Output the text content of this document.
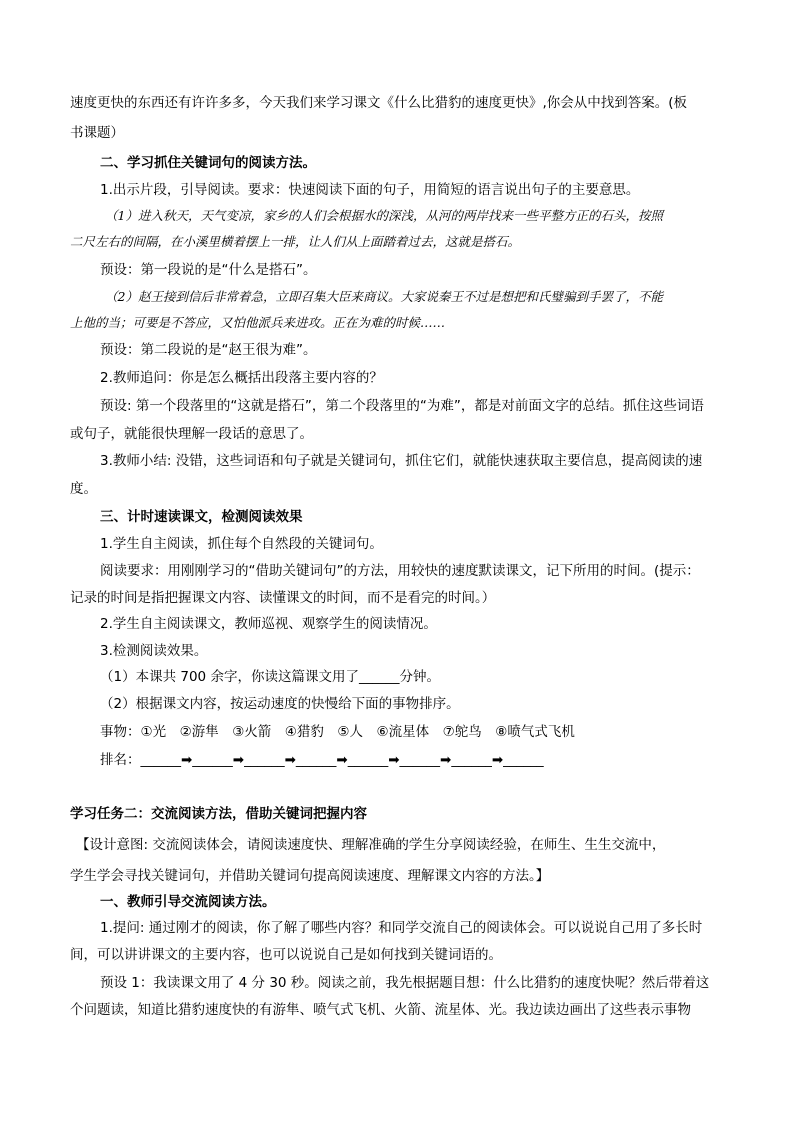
速度更快的东西还有许许多多，今天我们来学习课文《什么比猎豹的速度更快》,你会从中找到答案。(板
书课题）
二、学习抓住关键词句的阅读方法。
1.出示片段，引导阅读。要求：快速阅读下面的句子，用简短的语言说出句子的主要意思。
（1）进入秋天，天气变凉，家乡的人们会根据水的深浅，从河的两岸找来一些平整方正的石头，按照
二尺左右的间隔，在小溪里横着摆上一排，让人们从上面踏着过去，这就是搭石。
预设：第一段说的是“什么是搭石”。
（2）赵王接到信后非常着急，立即召集大臣来商议。大家说秦王不过是想把和氏璧骗到手罢了，不能
上他的当；可要是不答应，又怕他派兵来进攻。正在为难的时候……
预设：第二段说的是“赵王很为难”。
2.教师追问：你是怎么概括出段落主要内容的？
预设: 第一个段落里的“这就是搭石”，第二个段落里的“为难”，都是对前面文字的总结。抓住这些词语
或句子，就能很快理解一段话的意思了。
3.教师小结: 没错，这些词语和句子就是关键词句，抓住它们，就能快速获取主要信息，提高阅读的速
度。
三、计时速读课文，检测阅读效果
1.学生自主阅读，抓住每个自然段的关键词句。
阅读要求：用刚刚学习的“借助关键词句”的方法，用较快的速度默读课文，记下所用的时间。(提示：
记录的时间是指把握课文内容、读懂课文的时间，而不是看完的时间。）
2.学生自主阅读课文，教师巡视、观察学生的阅读情况。
3.检测阅读效果。
（1）本课共 700 余字，你读这篇课文用了______分钟。
（2）根据课文内容，按运动速度的快慢给下面的事物排序。
事物：①光　②游隼　③火箭　④猎豹　⑤人　⑥流星体　⑦鸵鸟　⑧喷气式飞机
排名：______➡______➡______➡______➡______➡______➡______➡______
学习任务二：交流阅读方法，借助关键词把握内容
【设计意图: 交流阅读体会，请阅读速度快、理解准确的学生分享阅读经验，在师生、生生交流中，
学生学会寻找关键词句，并借助关键词句提高阅读速度、理解课文内容的方法。】
一、教师引导交流阅读方法。
1.提问: 通过刚才的阅读，你了解了哪些内容？和同学交流自己的阅读体会。可以说说自己用了多长时
间，可以讲讲课文的主要内容，也可以说说自己是如何找到关键词语的。
预设 1：我读课文用了 4 分 30 秒。阅读之前，我先根据题目想：什么比猎豹的速度快呢？然后带着这
个问题读，知道比猎豹速度快的有游隼、喷气式飞机、火箭、流星体、光。我边读边画出了这些表示事物
